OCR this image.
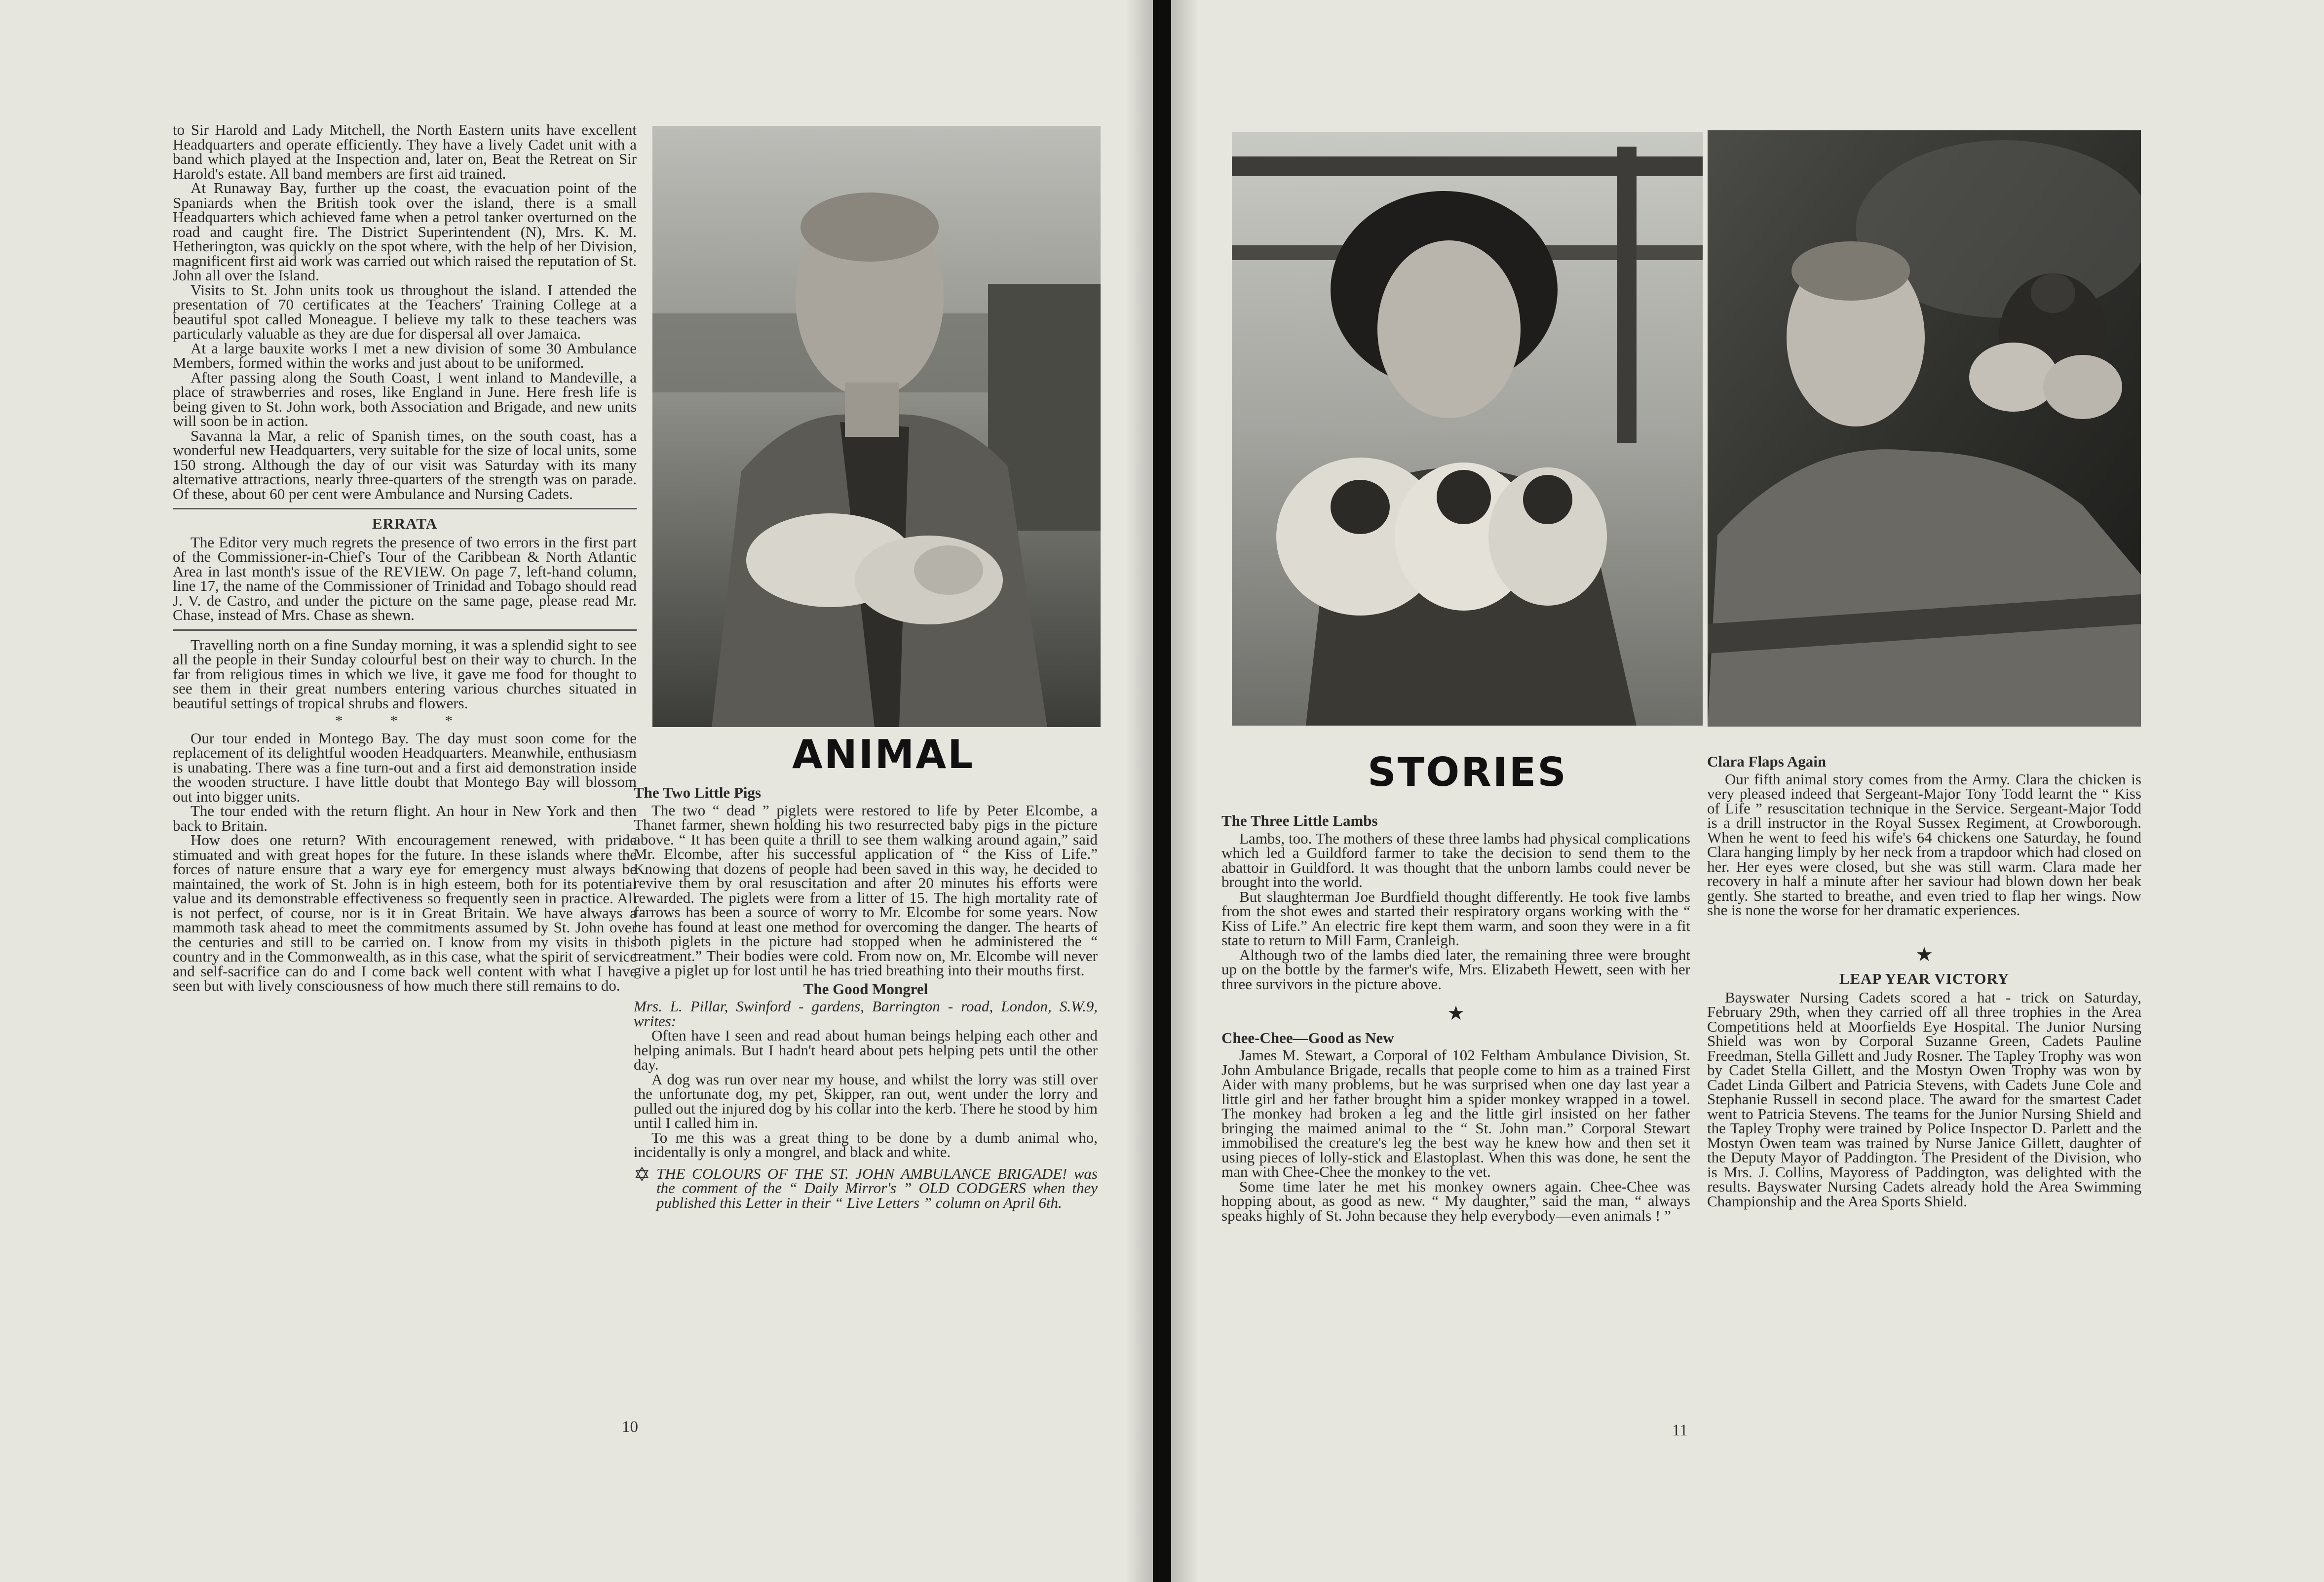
to Sir Harold and Lady Mitchell, the North Eastern units have excellent Headquarters and operate efficiently. They have a lively Cadet unit with a band which played at the Inspection and, later on, Beat the Retreat on Sir Harold's estate. All band members are first aid trained.

At Runaway Bay, further up the coast, the evacuation point of the Spaniards when the British took over the island, there is a small Headquarters which achieved fame when a petrol tanker overturned on the road and caught fire. The District Superintendent (N), Mrs. K. M. Hetherington, was quickly on the spot where, with the help of her Division, magnificent first aid work was carried out which raised the reputation of St. John all over the Island.

Visits to St. John units took us throughout the island. I attended the presentation of 70 certificates at the Teachers' Training College at a beautiful spot called Moneague. I believe my talk to these teachers was particularly valuable as they are due for dispersal all over Jamaica.

At a large bauxite works I met a new division of some 30 Ambulance Members, formed within the works and just about to be uniformed.

After passing along the South Coast, I went inland to Mandeville, a place of strawberries and roses, like England in June. Here fresh life is being given to St. John work, both Association and Brigade, and new units will soon be in action.

Savanna la Mar, a relic of Spanish times, on the south coast, has a wonderful new Headquarters, very suitable for the size of local units, some 150 strong. Although the day of our visit was Saturday with its many alternative attractions, nearly three-quarters of the strength was on parade. Of these, about 60 per cent were Ambulance and Nursing Cadets.

ERRATA

The Editor very much regrets the presence of two errors in the first part of the Commissioner-in-Chief's Tour of the Caribbean & North Atlantic Area in last month's issue of the REVIEW. On page 7, left-hand column, line 17, the name of the Commissioner of Trinidad and Tobago should read J. V. de Castro, and under the picture on the same page, please read Mr. Chase, instead of Mrs. Chase as shewn.

Travelling north on a fine Sunday morning, it was a splendid sight to see all the people in their Sunday colourful best on their way to church. In the far from religious times in which we live, it gave me food for thought to see them in their great numbers entering various churches situated in beautiful settings of tropical shrubs and flowers.

* * *

Our tour ended in Montego Bay. The day must soon come for the replacement of its delightful wooden Headquarters. Meanwhile, enthusiasm is unabating. There was a fine turn-out and a first aid demonstration inside the wooden structure. I have little doubt that Montego Bay will blossom out into bigger units.

The tour ended with the return flight. An hour in New York and then back to Britain.

How does one return? With encouragement renewed, with pride stimuated and with great hopes for the future. In these islands where the forces of nature ensure that a wary eye for emergency must always be maintained, the work of St. John is in high esteem, both for its potential value and its demonstrable effectiveness so frequently seen in practice. All is not perfect, of course, nor is it in Great Britain. We have always a mammoth task ahead to meet the commitments assumed by St. John over the centuries and still to be carried on. I know from my visits in this country and in the Commonwealth, as in this case, what the spirit of service and self-sacrifice can do and I come back well content with what I have seen but with lively consciousness of how much there still remains to do.

ANIMAL
The Two Little Pigs

The two “ dead ” piglets were restored to life by Peter Elcombe, a Thanet farmer, shewn holding his two resurrected baby pigs in the picture above. “ It has been quite a thrill to see them walking around again,” said Mr. Elcombe, after his successful application of “ the Kiss of Life.” Knowing that dozens of people had been saved in this way, he decided to revive them by oral resuscitation and after 20 minutes his efforts were rewarded. The piglets were from a litter of 15. The high mortality rate of farrows has been a source of worry to Mr. Elcombe for some years. Now he has found at least one method for overcoming the danger. The hearts of both piglets in the picture had stopped when he administered the “ treatment.” Their bodies were cold. From now on, Mr. Elcombe will never give a piglet up for lost until he has tried breathing into their mouths first.

The Good Mongrel

Mrs. L. Pillar, Swinford - gardens, Barrington - road, London, S.W.9, writes:

Often have I seen and read about human beings helping each other and helping animals. But I hadn't heard about pets helping pets until the other day.

A dog was run over near my house, and whilst the lorry was still over the unfortunate dog, my pet, Skipper, ran out, went under the lorry and pulled out the injured dog by his collar into the kerb. There he stood by him until I called him in.

To me this was a great thing to be done by a dumb animal who, incidentally is only a mongrel, and black and white.

✡ THE COLOURS OF THE ST. JOHN AMBULANCE BRIGADE! was the comment of the “ Daily Mirror's ” OLD CODGERS when they published this Letter in their “ Live Letters ” column on April 6th.
10
STORIES
The Three Little Lambs

Lambs, too. The mothers of these three lambs had physical complications which led a Guildford farmer to take the decision to send them to the abattoir in Guildford. It was thought that the unborn lambs could never be brought into the world.

But slaughterman Joe Burdfield thought differently. He took five lambs from the shot ewes and started their respiratory organs working with the “ Kiss of Life.” An electric fire kept them warm, and soon they were in a fit state to return to Mill Farm, Cranleigh.

Although two of the lambs died later, the remaining three were brought up on the bottle by the farmer's wife, Mrs. Elizabeth Hewett, seen with her three survivors in the picture above.

★
Chee-Chee—Good as New

James M. Stewart, a Corporal of 102 Feltham Ambulance Division, St. John Ambulance Brigade, recalls that people come to him as a trained First Aider with many problems, but he was surprised when one day last year a little girl and her father brought him a spider monkey wrapped in a towel. The monkey had broken a leg and the little girl insisted on her father bringing the maimed animal to the “ St. John man.” Corporal Stewart immobilised the creature's leg the best way he knew how and then set it using pieces of lolly-stick and Elastoplast. When this was done, he sent the man with Chee-Chee the monkey to the vet.

Some time later he met his monkey owners again. Chee-Chee was hopping about, as good as new. “ My daughter,” said the man, “ always speaks highly of St. John because they help everybody—even animals ! ”

Clara Flaps Again

Our fifth animal story comes from the Army. Clara the chicken is very pleased indeed that Sergeant-Major Tony Todd learnt the “ Kiss of Life ” resuscitation technique in the Service. Sergeant-Major Todd is a drill instructor in the Royal Sussex Regiment, at Crowborough. When he went to feed his wife's 64 chickens one Saturday, he found Clara hanging limply by her neck from a trapdoor which had closed on her. Her eyes were closed, but she was still warm. Clara made her recovery in half a minute after her saviour had blown down her beak gently. She started to breathe, and even tried to flap her wings. Now she is none the worse for her dramatic experiences.

★
LEAP YEAR VICTORY

Bayswater Nursing Cadets scored a hat - trick on Saturday, February 29th, when they carried off all three trophies in the Area Competitions held at Moorfields Eye Hospital. The Junior Nursing Shield was won by Corporal Suzanne Green, Cadets Pauline Freedman, Stella Gillett and Judy Rosner. The Tapley Trophy was won by Cadet Stella Gillett, and the Mostyn Owen Trophy was won by Cadet Linda Gilbert and Patricia Stevens, with Cadets June Cole and Stephanie Russell in second place. The award for the smartest Cadet went to Patricia Stevens. The teams for the Junior Nursing Shield and the Tapley Trophy were trained by Police Inspector D. Parlett and the Mostyn Owen team was trained by Nurse Janice Gillett, daughter of the Deputy Mayor of Paddington. The President of the Division, who is Mrs. J. Collins, Mayoress of Paddington, was delighted with the results. Bayswater Nursing Cadets already hold the Area Swimming Championship and the Area Sports Shield.

11
